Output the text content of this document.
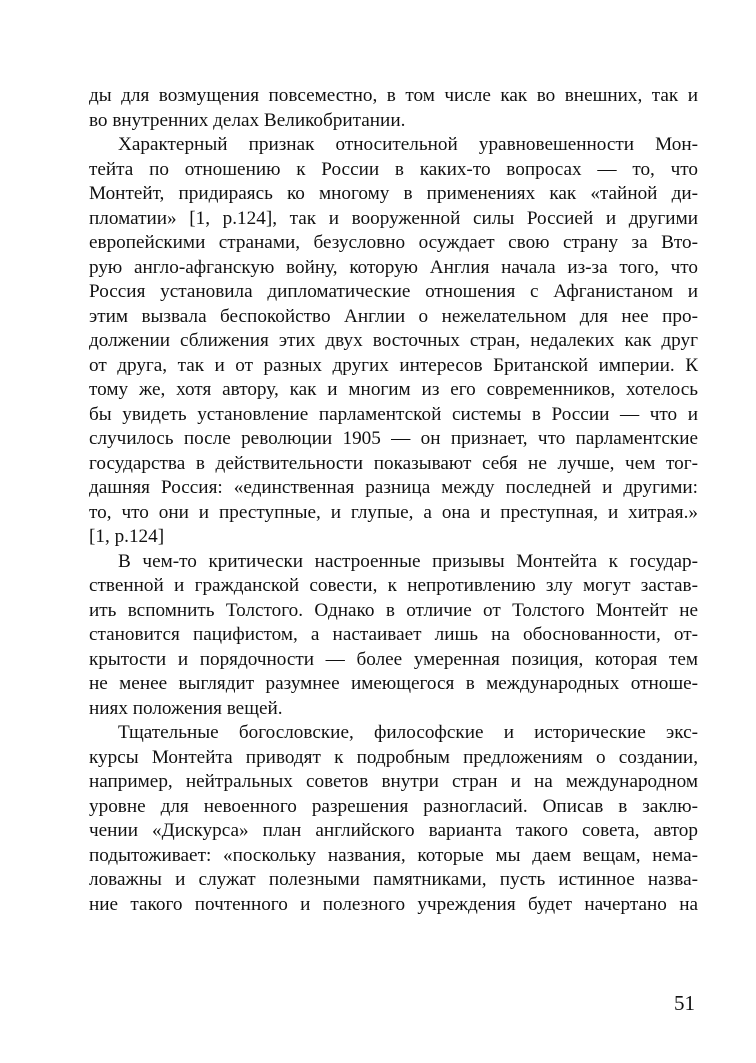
ды для возмущения повсеместно, в том числе как во внешних, так и
во внутренних делах Великобритании.
Характерный признак относительной уравновешенности Мон-
тейта по отношению к России в каких-то вопросах — то, что
Монтейт, придираясь ко многому в применениях как «тайной ди-
пломатии» [1, p.124], так и вооруженной силы Россией и другими
европейскими странами, безусловно осуждает свою страну за Вто-
рую англо-афганскую войну, которую Англия начала из-за того, что
Россия установила дипломатические отношения с Афганистаном и
этим вызвала беспокойство Англии о нежелательном для нее про-
должении сближения этих двух восточных стран, недалеких как друг
от друга, так и от разных других интересов Британской империи. К
тому же, хотя автору, как и многим из его современников, хотелось
бы увидеть установление парламентской системы в России — что и
случилось после революции 1905 — он признает, что парламентские
государства в действительности показывают себя не лучше, чем тог-
дашняя Россия: «единственная разница между последней и другими:
то, что они и преступные, и глупые, а она и преступная, и хитрая.»
[1, p.124]
В чем-то критически настроенные призывы Монтейта к государ-
ственной и гражданской совести, к непротивлению злу могут застав-
ить вспомнить Толстого. Однако в отличие от Толстого Монтейт не
становится пацифистом, а настаивает лишь на обоснованности, от-
крытости и порядочности — более умеренная позиция, которая тем
не менее выглядит разумнее имеющегося в международных отноше-
ниях положения вещей.
Тщательные богословские, философские и исторические экс-
курсы Монтейта приводят к подробным предложениям о создании,
например, нейтральных советов внутри стран и на международном
уровне для невоенного разрешения разногласий. Описав в заклю-
чении «Дискурса» план английского варианта такого совета, автор
подытоживает: «поскольку названия, которые мы даем вещам, нема-
ловажны и служат полезными памятниками, пусть истинное назва-
ние такого почтенного и полезного учреждения будет начертано на
51
